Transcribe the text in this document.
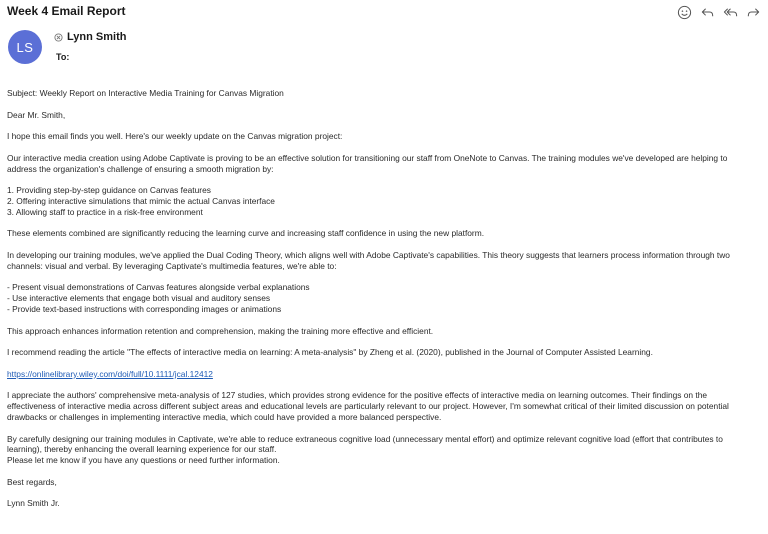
Week 4 Email Report
LS
Lynn Smith
To:

Subject: Weekly Report on Interactive Media Training for Canvas Migration

Dear Mr. Smith,

I hope this email finds you well. Here's our weekly update on the Canvas migration project:

Our interactive media creation using Adobe Captivate is proving to be an effective solution for transitioning our staff from OneNote to Canvas. The training modules we've developed are helping to address the organization's challenge of ensuring a smooth migration by:

1. Providing step-by-step guidance on Canvas features
2. Offering interactive simulations that mimic the actual Canvas interface
3. Allowing staff to practice in a risk-free environment

These elements combined are significantly reducing the learning curve and increasing staff confidence in using the new platform.

In developing our training modules, we've applied the Dual Coding Theory, which aligns well with Adobe Captivate's capabilities. This theory suggests that learners process information through two channels: visual and verbal. By leveraging Captivate's multimedia features, we're able to:

- Present visual demonstrations of Canvas features alongside verbal explanations
- Use interactive elements that engage both visual and auditory senses
- Provide text-based instructions with corresponding images or animations

This approach enhances information retention and comprehension, making the training more effective and efficient.

I recommend reading the article "The effects of interactive media on learning: A meta-analysis" by Zheng et al. (2020), published in the Journal of Computer Assisted Learning.

https://onlinelibrary.wiley.com/doi/full/10.1111/jcal.12412

I appreciate the authors' comprehensive meta-analysis of 127 studies, which provides strong evidence for the positive effects of interactive media on learning outcomes. Their findings on the effectiveness of interactive media across different subject areas and educational levels are particularly relevant to our project. However, I'm somewhat critical of their limited discussion on potential drawbacks or challenges in implementing interactive media, which could have provided a more balanced perspective.

By carefully designing our training modules in Captivate, we're able to reduce extraneous cognitive load (unnecessary mental effort) and optimize relevant cognitive load (effort that contributes to learning), thereby enhancing the overall learning experience for our staff.
Please let me know if you have any questions or need further information.

Best regards,

Lynn Smith Jr.
